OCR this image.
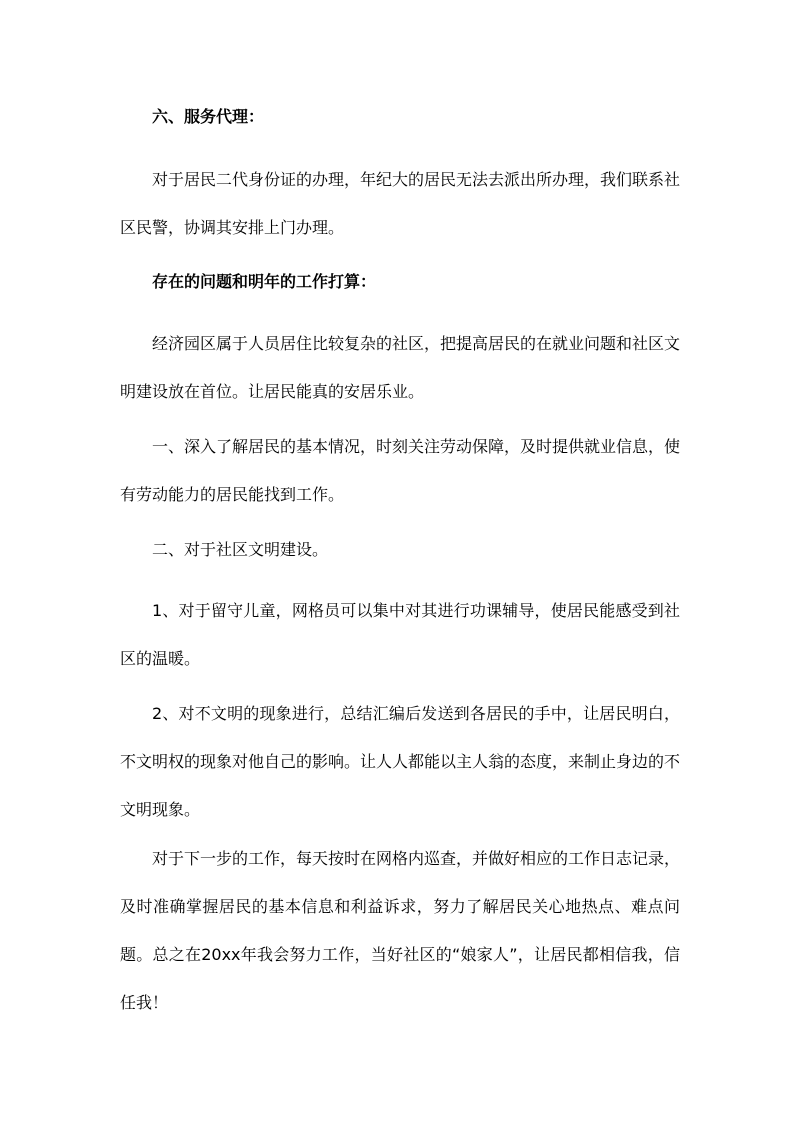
六、服务代理：

对于居民二代身份证的办理，年纪大的居民无法去派出所办理，我们联系社区民警，协调其安排上门办理。

存在的问题和明年的工作打算：

经济园区属于人员居住比较复杂的社区，把提高居民的在就业问题和社区文明建设放在首位。让居民能真的安居乐业。

一、深入了解居民的基本情况，时刻关注劳动保障，及时提供就业信息，使有劳动能力的居民能找到工作。

二、对于社区文明建设。

1、对于留守儿童，网格员可以集中对其进行功课辅导，使居民能感受到社区的温暖。

2、对不文明的现象进行，总结汇编后发送到各居民的手中，让居民明白，不文明权的现象对他自己的影响。让人人都能以主人翁的态度，来制止身边的不文明现象。

对于下一步的工作，每天按时在网格内巡查，并做好相应的工作日志记录，及时准确掌握居民的基本信息和利益诉求，努力了解居民关心地热点、难点问题。总之在20xx年我会努力工作，当好社区的“娘家人”，让居民都相信我，信任我！
